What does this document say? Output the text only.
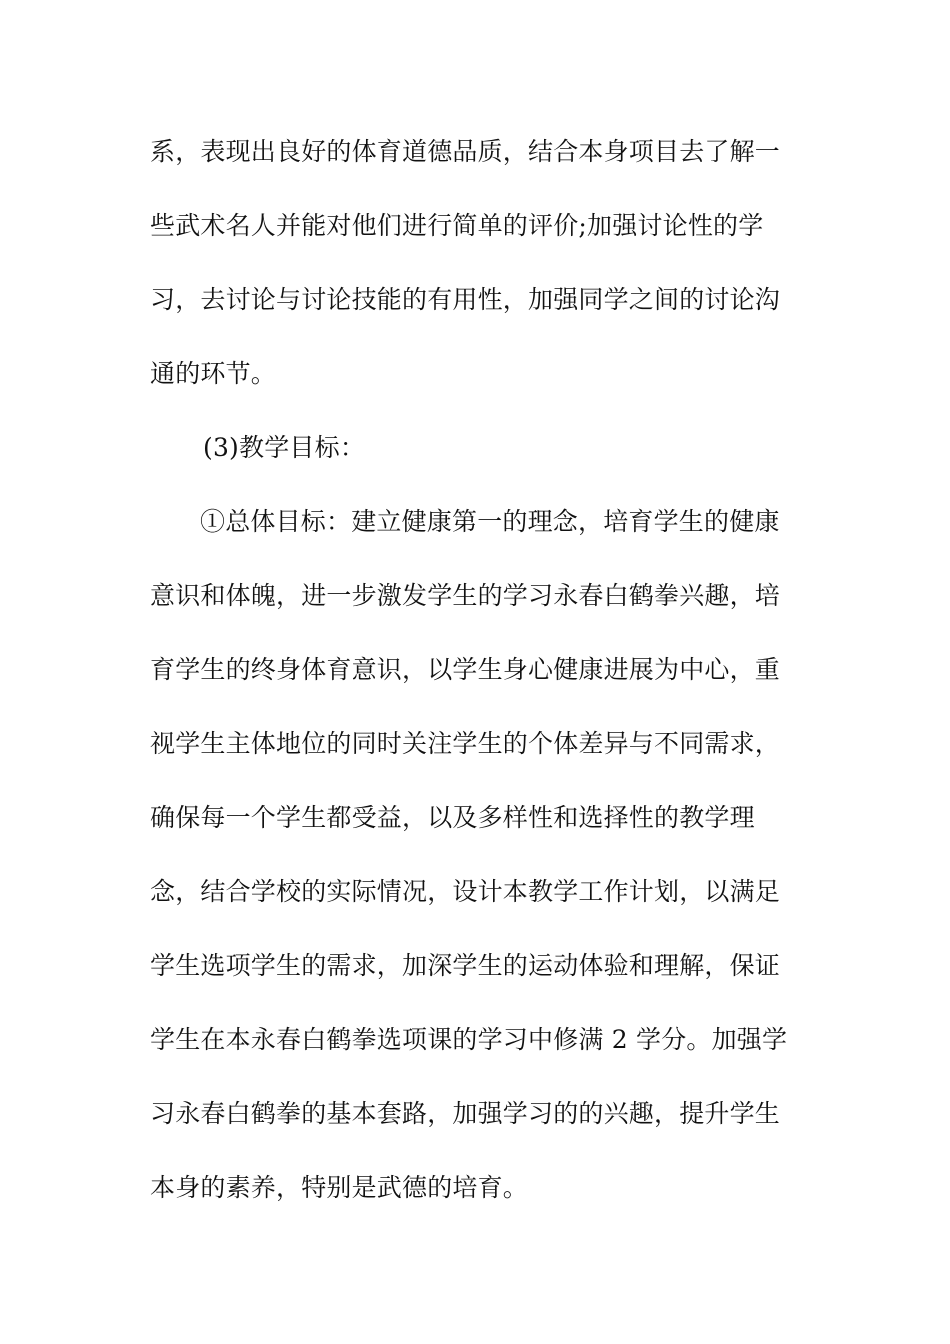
系，表现出良好的体育道德品质，结合本身项目去了解一
些武术名人并能对他们进行简单的评价;加强讨论性的学
习，去讨论与讨论技能的有用性，加强同学之间的讨论沟
通的环节。
(3)教学目标：
①总体目标：建立健康第一的理念，培育学生的健康
意识和体魄，进一步激发学生的学习永春白鹤拳兴趣，培
育学生的终身体育意识，以学生身心健康进展为中心，重
视学生主体地位的同时关注学生的个体差异与不同需求，
确保每一个学生都受益，以及多样性和选择性的教学理
念，结合学校的实际情况，设计本教学工作计划，以满足
学生选项学生的需求，加深学生的运动体验和理解，保证
学生在本永春白鹤拳选项课的学习中修满 2 学分。加强学
习永春白鹤拳的基本套路，加强学习的的兴趣，提升学生
本身的素养，特别是武德的培育。
